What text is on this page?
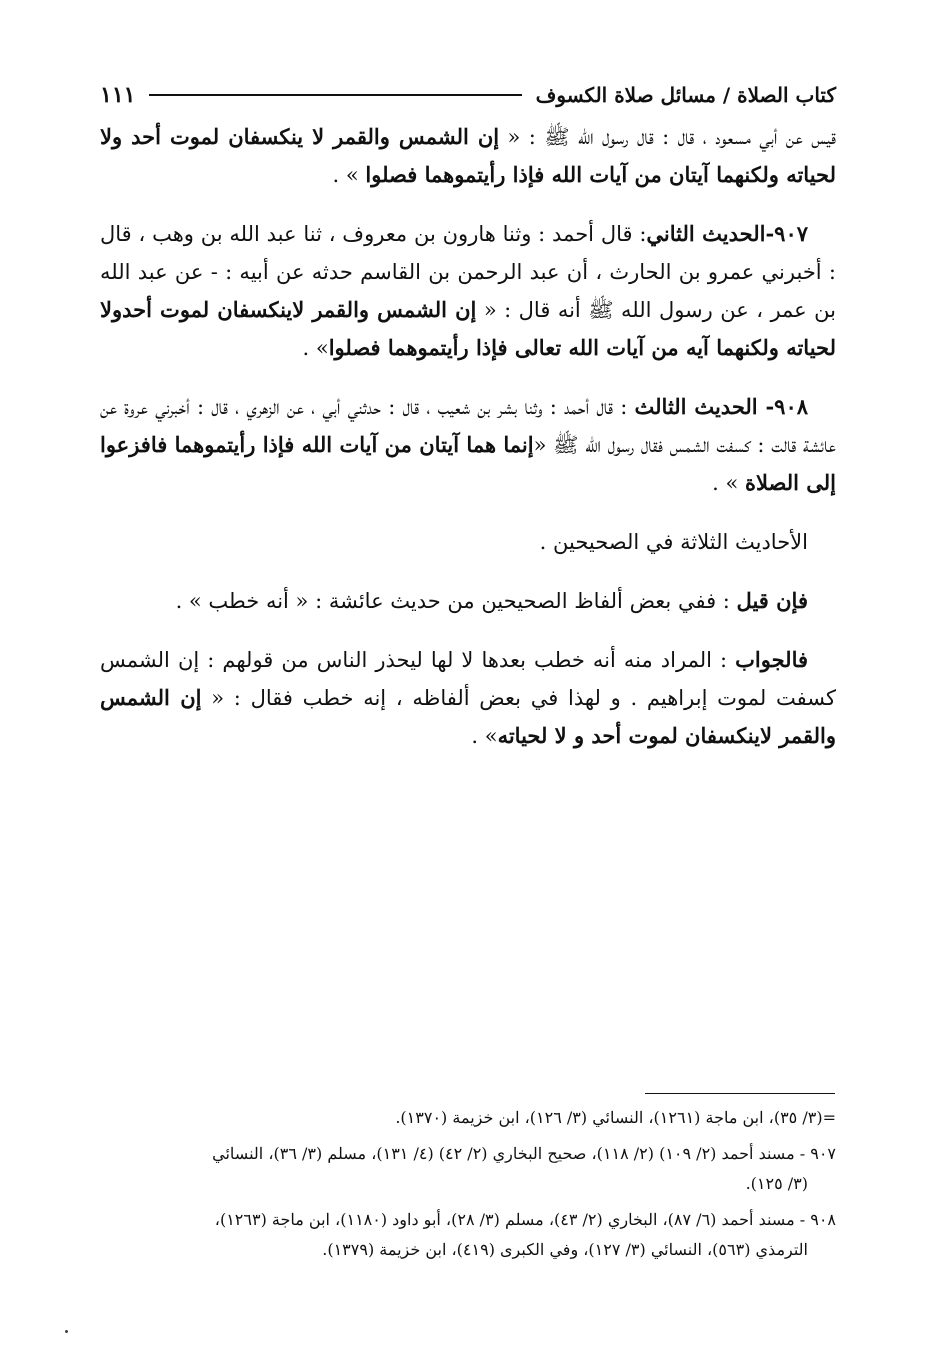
كتاب الصلاة / مسائل صلاة الكسوف
١١١

قيس عن أبي مسعود ، قال : قال رسول الله ﷺ : « إن الشمس والقمر لا ينكسفان لموت أحد ولا لحياته ولكنهما آيتان من آيات الله فإذا رأيتموهما فصلوا » .

٩٠٧-الحديث الثاني: قال أحمد : وثنا هارون بن معروف ، ثنا عبد الله بن وهب ، قال : أخبرني عمرو بن الحارث ، أن عبد الرحمن بن القاسم حدثه عن أبيه : - عن عبد الله بن عمر ، عن رسول الله ﷺ أنه قال : « إن الشمس والقمر لاينكسفان لموت أحدولا لحياته ولكنهما آيه من آيات الله تعالى فإذا رأيتموهما فصلوا» .

٩٠٨- الحديث الثالث : قال أحمد : وثنا بشر بن شعيب ، قال : حدثني أبي ، عن الزهري ، قال : أخبرني عروة عن عائشة قالت : كسفت الشمس فقال رسول الله ﷺ «إنما هما آيتان من آيات الله فإذا رأيتموهما فافزعوا إلى الصلاة » .

الأحاديث الثلاثة في الصحيحين .

فإن قيل : ففي بعض ألفاظ الصحيحين من حديث عائشة : « أنه خطب » .

فالجواب : المراد منه أنه خطب بعدها لا لها ليحذر الناس من قولهم : إن الشمس كسفت لموت إبراهيم . و لهذا في بعض ألفاظه ، إنه خطب فقال : « إن الشمس والقمر لاينكسفان لموت أحد و لا لحياته» .

=(٣/ ٣٥)، ابن ماجة (١٢٦١)، النسائي (٣/ ١٢٦)، ابن خزيمة (١٣٧٠).
٩٠٧ - مسند أحمد (٢/ ١٠٩) (٢/ ١١٨)، صحيح البخاري (٢/ ٤٢) (٤/ ١٣١)، مسلم (٣/ ٣٦)، النسائي
(٣/ ١٢٥).
٩٠٨ - مسند أحمد (٦/ ٨٧)، البخاري (٢/ ٤٣)، مسلم (٣/ ٢٨)، أبو داود (١١٨٠)، ابن ماجة (١٢٦٣)،
الترمذي (٥٦٣)، النسائي (٣/ ١٢٧)، وفي الكبرى (٤١٩)، ابن خزيمة (١٣٧٩).
